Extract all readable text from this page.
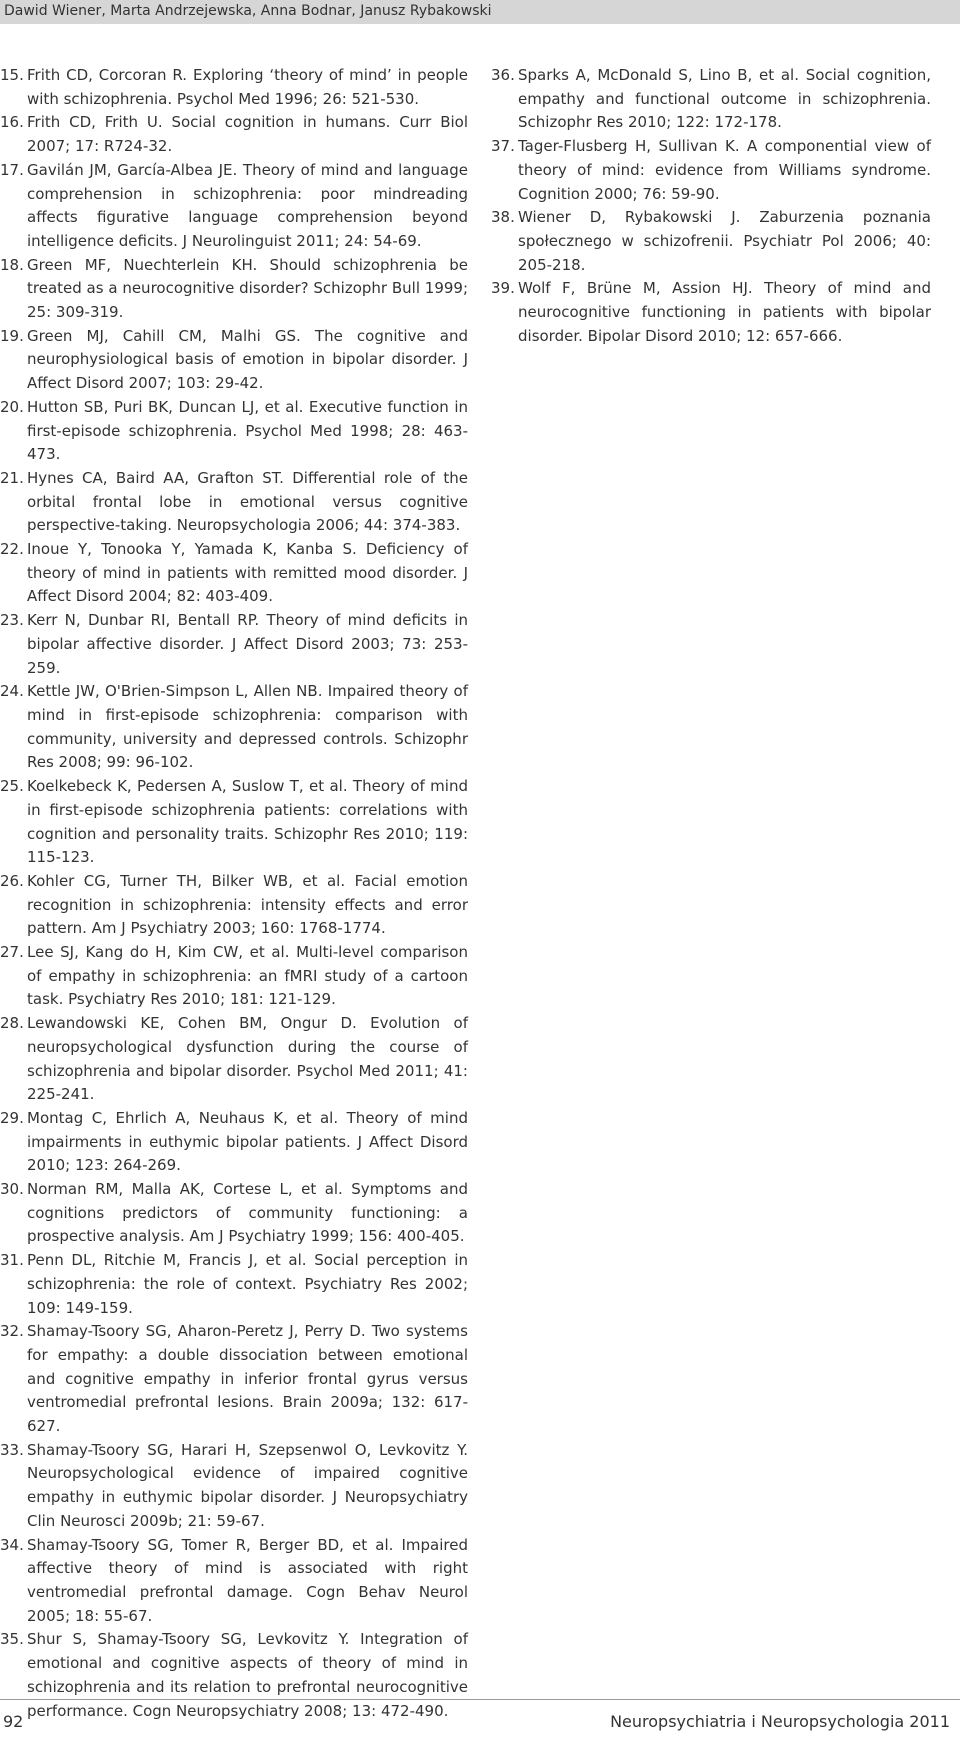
Dawid Wiener, Marta Andrzejewska, Anna Bodnar, Janusz Rybakowski
15. Frith CD, Corcoran R. Exploring ‘theory of mind’ in people with schizophrenia. Psychol Med 1996; 26: 521-530.
16. Frith CD, Frith U. Social cognition in humans. Curr Biol 2007; 17: R724-32.
17. Gavilán JM, García-Albea JE. Theory of mind and language comprehension in schizophrenia: poor mindreading affects figurative language comprehension beyond intelligence deficits. J Neurolinguist 2011; 24: 54-69.
18. Green MF, Nuechterlein KH. Should schizophrenia be treated as a neurocognitive disorder? Schizophr Bull 1999; 25: 309-319.
19. Green MJ, Cahill CM, Malhi GS. The cognitive and neurophysiological basis of emotion in bipolar disorder. J Affect Disord 2007; 103: 29-42.
20. Hutton SB, Puri BK, Duncan LJ, et al. Executive function in first-episode schizophrenia. Psychol Med 1998; 28: 463-473.
21. Hynes CA, Baird AA, Grafton ST. Differential role of the orbital frontal lobe in emotional versus cognitive perspective-taking. Neuropsychologia 2006; 44: 374-383.
22. Inoue Y, Tonooka Y, Yamada K, Kanba S. Deficiency of theory of mind in patients with remitted mood disorder. J Affect Disord 2004; 82: 403-409.
23. Kerr N, Dunbar RI, Bentall RP. Theory of mind deficits in bipolar affective disorder. J Affect Disord 2003; 73: 253-259.
24. Kettle JW, O'Brien-Simpson L, Allen NB. Impaired theory of mind in first-episode schizophrenia: comparison with community, university and depressed controls. Schizophr Res 2008; 99: 96-102.
25. Koelkebeck K, Pedersen A, Suslow T, et al. Theory of mind in first-episode schizophrenia patients: correlations with cognition and personality traits. Schizophr Res 2010; 119: 115-123.
26. Kohler CG, Turner TH, Bilker WB, et al. Facial emotion recognition in schizophrenia: intensity effects and error pattern. Am J Psychiatry 2003; 160: 1768-1774.
27. Lee SJ, Kang do H, Kim CW, et al. Multi-level comparison of empathy in schizophrenia: an fMRI study of a cartoon task. Psychiatry Res 2010; 181: 121-129.
28. Lewandowski KE, Cohen BM, Ongur D. Evolution of neuropsychological dysfunction during the course of schizophrenia and bipolar disorder. Psychol Med 2011; 41: 225-241.
29. Montag C, Ehrlich A, Neuhaus K, et al. Theory of mind impairments in euthymic bipolar patients. J Affect Disord 2010; 123: 264-269.
30. Norman RM, Malla AK, Cortese L, et al. Symptoms and cognitions predictors of community functioning: a prospective analysis. Am J Psychiatry 1999; 156: 400-405.
31. Penn DL, Ritchie M, Francis J, et al. Social perception in schizophrenia: the role of context. Psychiatry Res 2002; 109: 149-159.
32. Shamay-Tsoory SG, Aharon-Peretz J, Perry D. Two systems for empathy: a double dissociation between emotional and cognitive empathy in inferior frontal gyrus versus ventromedial prefrontal lesions. Brain 2009a; 132: 617-627.
33. Shamay-Tsoory SG, Harari H, Szepsenwol O, Levkovitz Y. Neuropsychological evidence of impaired cognitive empathy in euthymic bipolar disorder. J Neuropsychiatry Clin Neurosci 2009b; 21: 59-67.
34. Shamay-Tsoory SG, Tomer R, Berger BD, et al. Impaired affective theory of mind is associated with right ventromedial prefrontal damage. Cogn Behav Neurol 2005; 18: 55-67.
35. Shur S, Shamay-Tsoory SG, Levkovitz Y. Integration of emotional and cognitive aspects of theory of mind in schizophrenia and its relation to prefrontal neurocognitive performance. Cogn Neuropsychiatry 2008; 13: 472-490.
36. Sparks A, McDonald S, Lino B, et al. Social cognition, empathy and functional outcome in schizophrenia. Schizophr Res 2010; 122: 172-178.
37. Tager-Flusberg H, Sullivan K. A componential view of theory of mind: evidence from Williams syndrome. Cognition 2000; 76: 59-90.
38. Wiener D, Rybakowski J. Zaburzenia poznania społecznego w schizofrenii. Psychiatr Pol 2006; 40: 205-218.
39. Wolf F, Brüne M, Assion HJ. Theory of mind and neurocognitive functioning in patients with bipolar disorder. Bipolar Disord 2010; 12: 657-666.
92	Neuropsychiatria i Neuropsychologia 2011
